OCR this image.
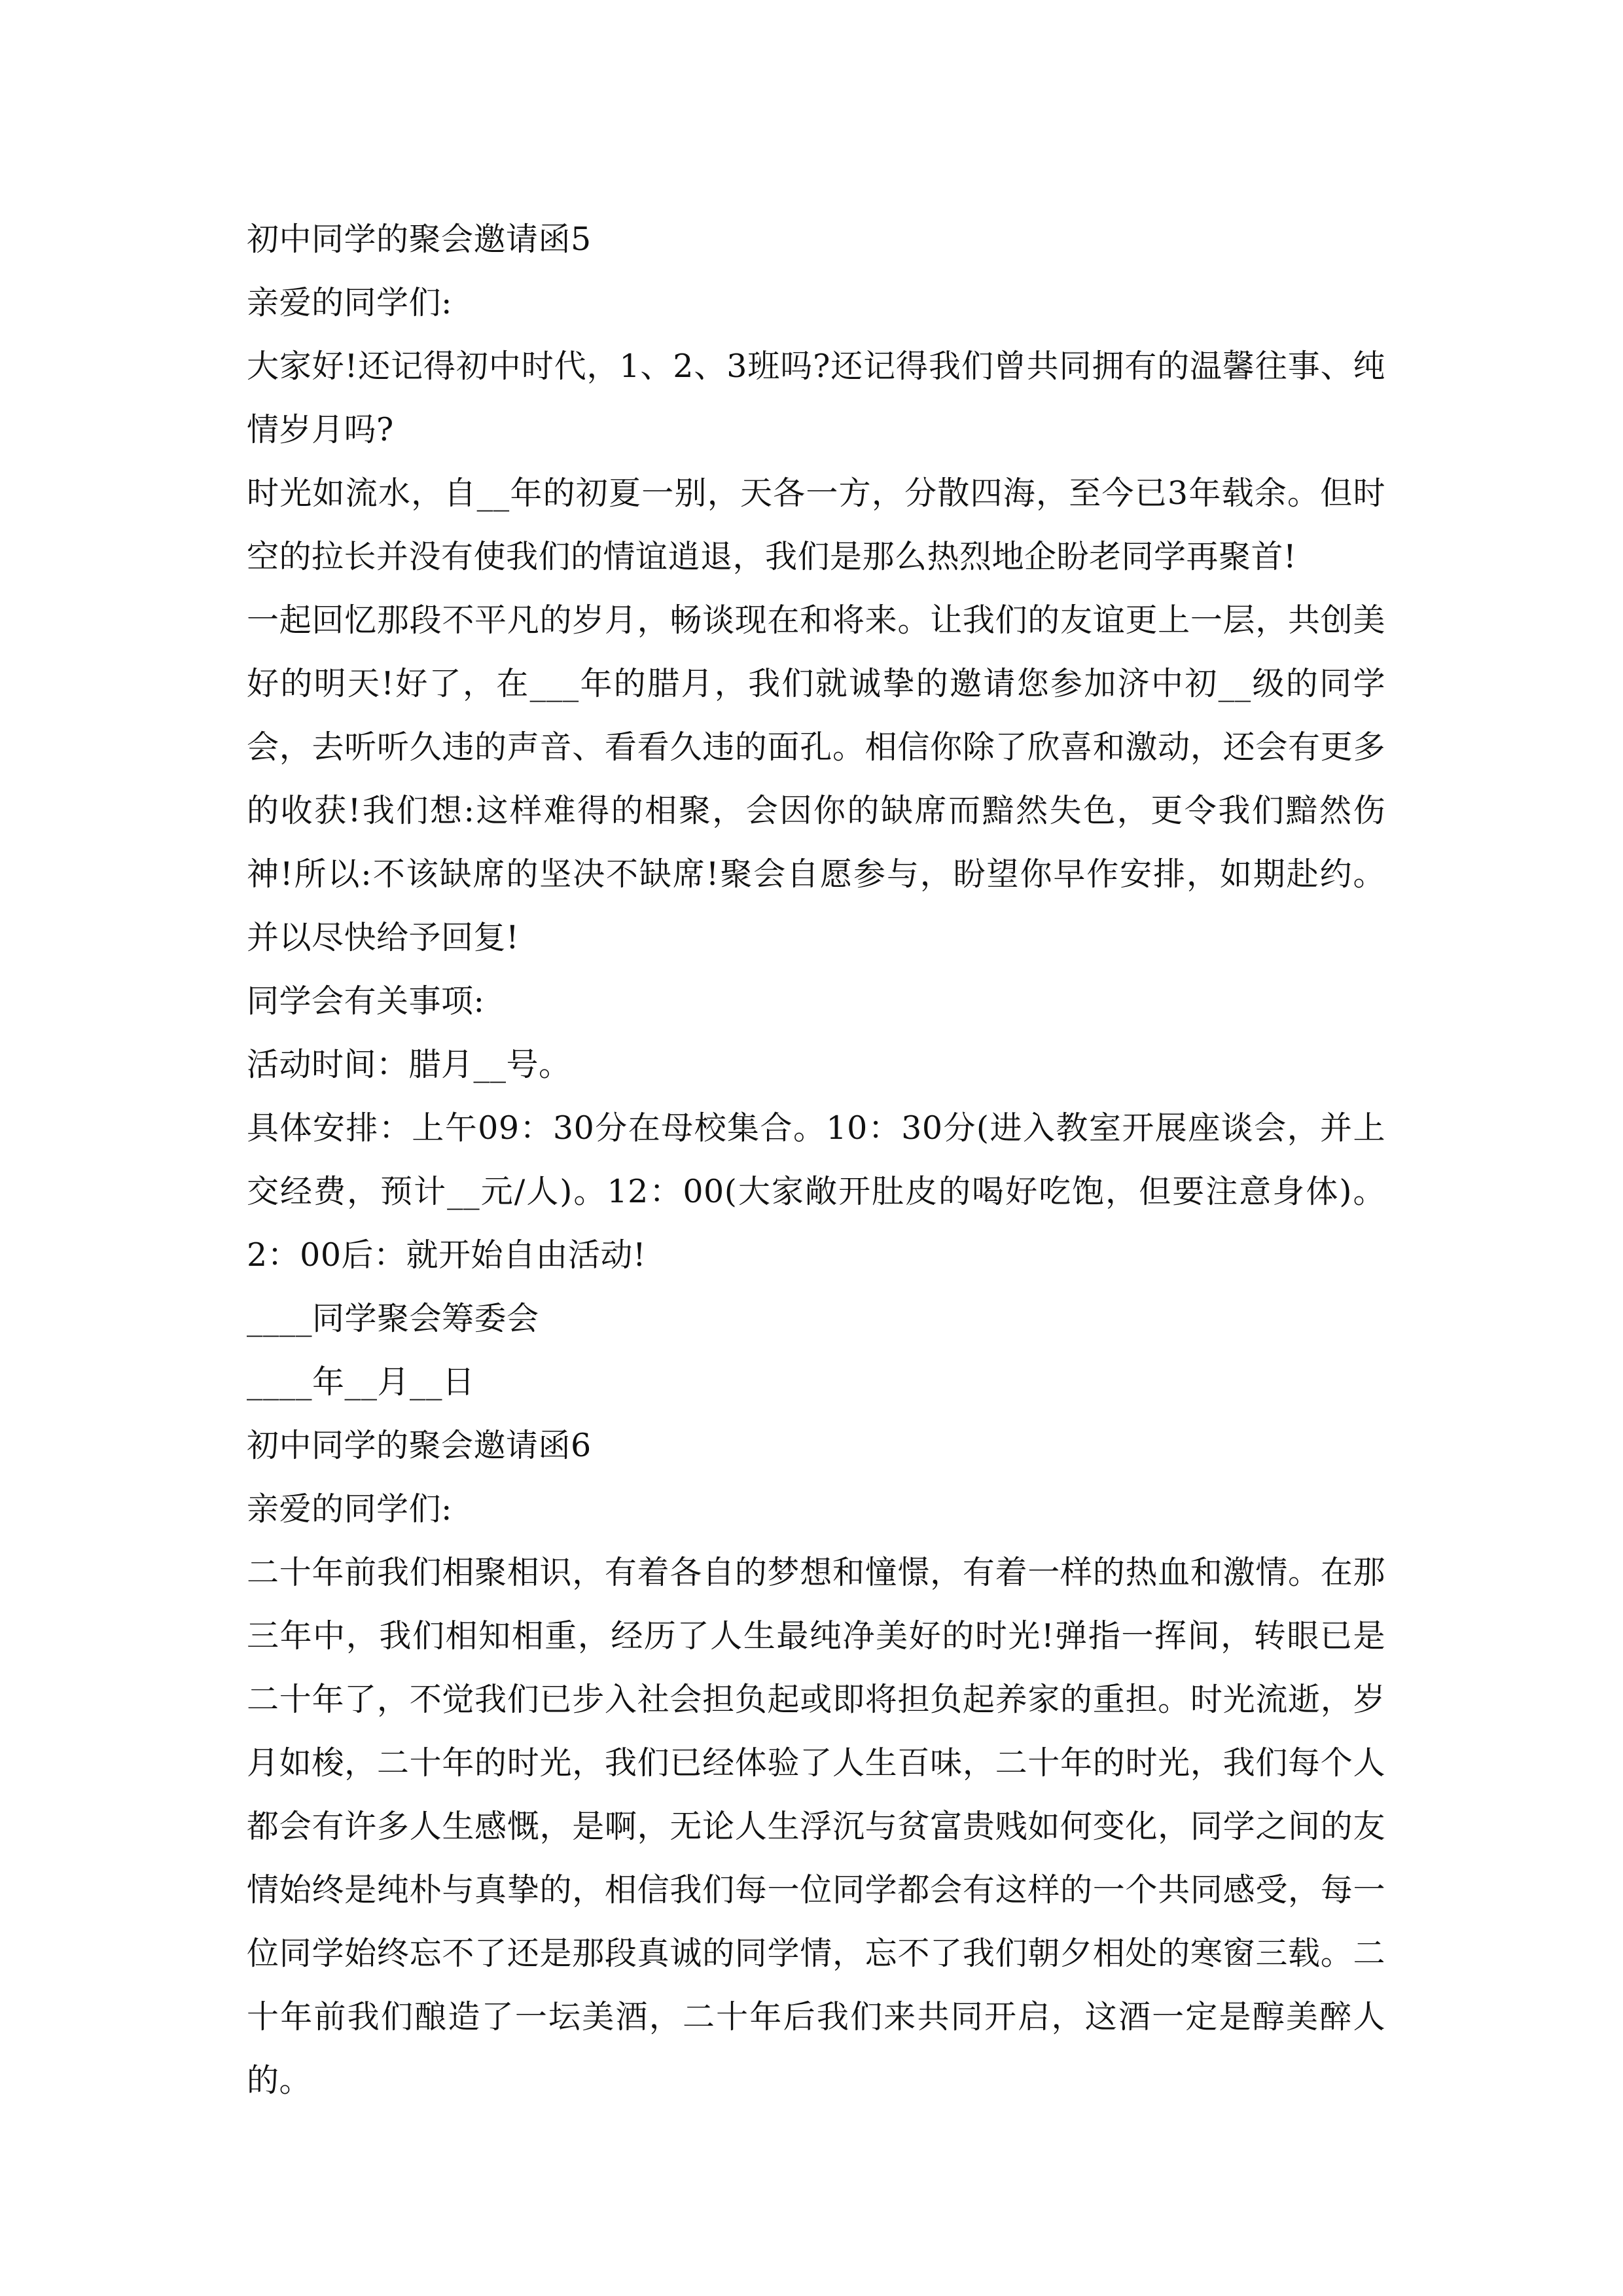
初中同学的聚会邀请函5
亲爱的同学们:

大家好!还记得初中时代，1、2、3班吗?还记得我们曾共同拥有的温馨往事、纯情岁月吗?

时光如流水，自__年的初夏一别，天各一方，分散四海，至今已3年载余。但时空的拉长并没有使我们的情谊逍退，我们是那么热烈地企盼老同学再聚首!

一起回忆那段不平凡的岁月，畅谈现在和将来。让我们的友谊更上一层，共创美好的明天!好了，在___年的腊月，我们就诚挚的邀请您参加济中初__级的同学会，去听听久违的声音、看看久违的面孔。相信你除了欣喜和激动，还会有更多的收获!我们想:这样难得的相聚，会因你的缺席而黯然失色，更令我们黯然伤神!所以:不该缺席的坚决不缺席!聚会自愿参与，盼望你早作安排，如期赴约。并以尽快给予回复!

同学会有关事项:
活动时间：腊月__号。

具体安排：上午09：30分在母校集合。10：30分(进入教室开展座谈会，并上交经费，预计__元/人)。12：00(大家敞开肚皮的喝好吃饱，但要注意身体)。2：00后：就开始自由活动!

____同学聚会筹委会
____年__月__日
初中同学的聚会邀请函6
亲爱的同学们:

二十年前我们相聚相识，有着各自的梦想和憧憬，有着一样的热血和激情。在那三年中，我们相知相重，经历了人生最纯净美好的时光!弹指一挥间，转眼已是二十年了，不觉我们已步入社会担负起或即将担负起养家的重担。时光流逝，岁月如梭，二十年的时光，我们已经体验了人生百味，二十年的时光，我们每个人都会有许多人生感慨，是啊，无论人生浮沉与贫富贵贱如何变化，同学之间的友情始终是纯朴与真挚的，相信我们每一位同学都会有这样的一个共同感受，每一位同学始终忘不了还是那段真诚的同学情，忘不了我们朝夕相处的寒窗三载。二十年前我们酿造了一坛美酒，二十年后我们来共同开启，这酒一定是醇美醉人的。
